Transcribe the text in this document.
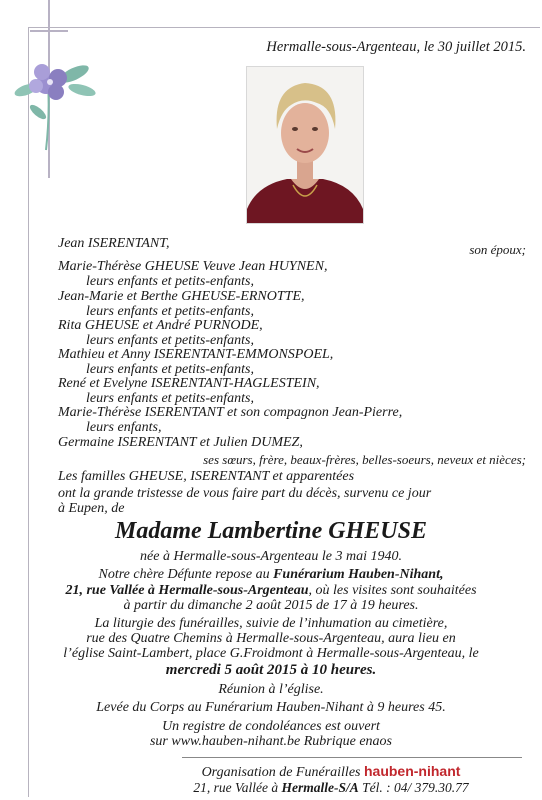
Hermalle-sous-Argenteau, le 30 juillet 2015.
Jean ISERENTANT,	son époux;
Marie-Thérèse GHEUSE Veuve Jean HUYNEN,
leurs enfants et petits-enfants,
Jean-Marie et Berthe GHEUSE-ERNOTTE,
leurs enfants et petits-enfants,
Rita GHEUSE et André PURNODE,
leurs enfants et petits-enfants,
Mathieu et Anny ISERENTANT-EMMONSPOEL,
leurs enfants et petits-enfants,
René et Evelyne ISERENTANT-HAGLESTEIN,
leurs enfants et petits-enfants,
Marie-Thérèse ISERENTANT et son compagnon Jean-Pierre,
leurs enfants,
Germaine ISERENTANT et Julien DUMEZ,
ses sœurs, frère, beaux-frères, belles-soeurs, neveux et nièces;
Les familles GHEUSE, ISERENTANT et apparentées
ont la grande tristesse de vous faire part du décès, survenu ce jour
à Eupen, de
Madame Lambertine GHEUSE
née à Hermalle-sous-Argenteau le 3 mai 1940.
Notre chère Défunte repose au Funérarium Hauben-Nihant,
21, rue Vallée à Hermalle-sous-Argenteau, où les visites sont souhaitées
à partir du dimanche 2 août 2015 de 17 à 19 heures.
La liturgie des funérailles, suivie de l’inhumation au cimetière,
rue des Quatre Chemins à Hermalle-sous-Argenteau, aura lieu en
l’église Saint-Lambert, place G.Froidmont à Hermalle-sous-Argenteau, le
mercredi 5 août 2015 à 10 heures.
Réunion à l’église.
Levée du Corps au Funérarium Hauben-Nihant à 9 heures 45.
Un registre de condoléances est ouvert
sur www.hauben-nihant.be Rubrique enaos
Organisation de Funérailles hauben-nihant
21, rue Vallée à Hermalle-S/A Tél. : 04/ 379.30.77
